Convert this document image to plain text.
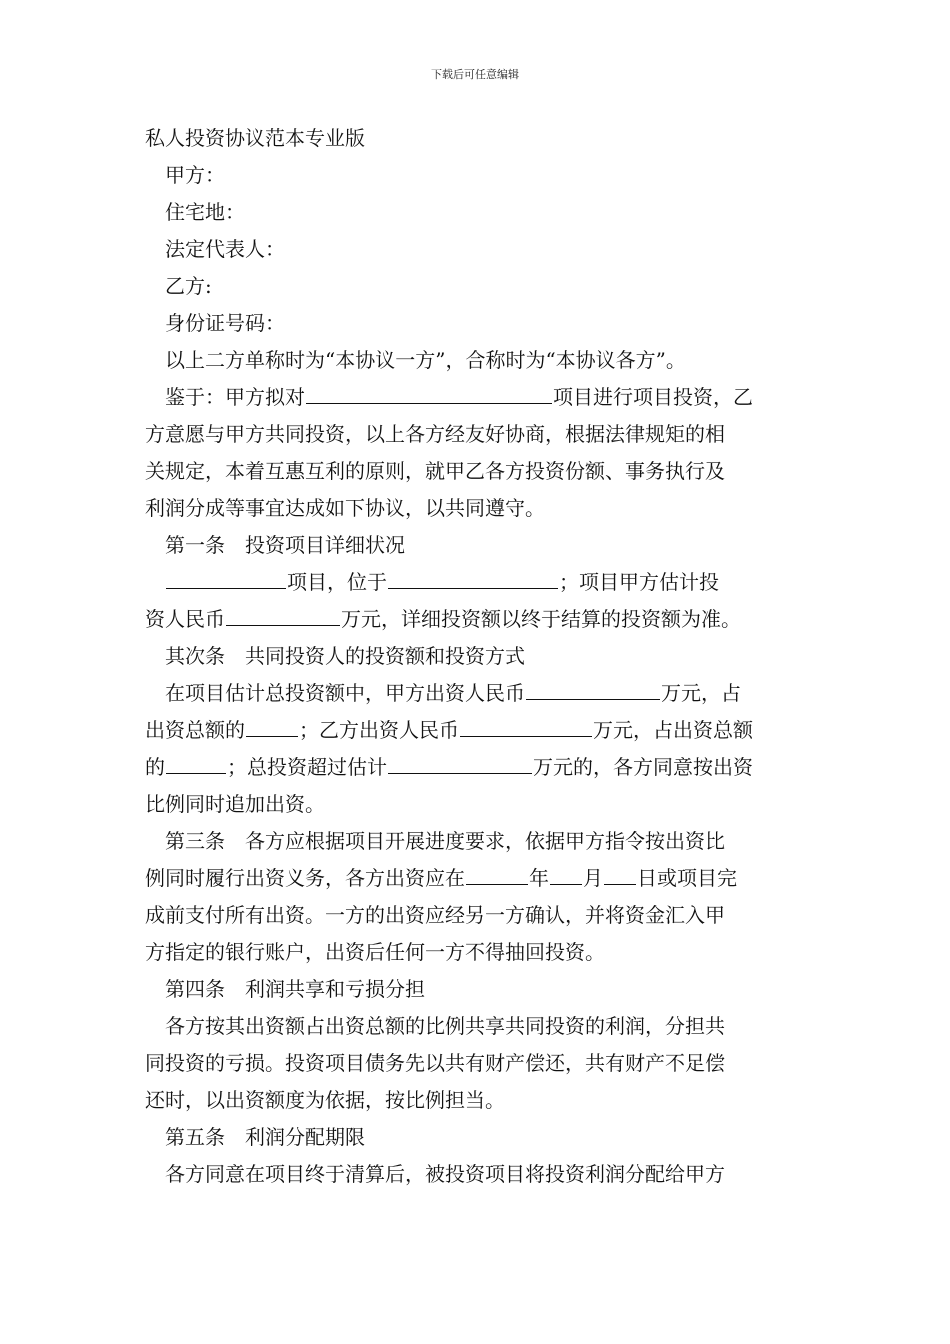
下载后可任意编辑
私人投资协议范本专业版
甲方：
住宅地：
法定代表人：
乙方:
身份证号码：
以上二方单称时为“本协议一方”，合称时为“本协议各方”。
鉴于：甲方拟对	项目进行项目投资，乙
方意愿与甲方共同投资，以上各方经友好协商，根据法律规矩的相
关规定，本着互惠互利的原则，就甲乙各方投资份额、事务执行及
利润分成等事宜达成如下协议，以共同遵守。
第一条　投资项目详细状况
项目，位于	；项目甲方估计投
资人民币	万元，详细投资额以终于结算的投资额为准。
其次条　共同投资人的投资额和投资方式
在项目估计总投资额中，甲方出资人民币	万元，占
出资总额的	；乙方出资人民币	万元，占出资总额
的	；总投资超过估计	万元的，各方同意按出资
比例同时追加出资。
第三条　各方应根据项目开展进度要求，依据甲方指令按出资比
例同时履行出资义务，各方出资应在	年 月 日或项目完
成前支付所有出资。一方的出资应经另一方确认，并将资金汇入甲
方指定的银行账户，出资后任何一方不得抽回投资。
第四条　利润共享和亏损分担
各方按其出资额占出资总额的比例共享共同投资的利润，分担共
同投资的亏损。投资项目债务先以共有财产偿还，共有财产不足偿
还时，以出资额度为依据，按比例担当。
第五条　利润分配期限
各方同意在项目终于清算后，被投资项目将投资利润分配给甲方
